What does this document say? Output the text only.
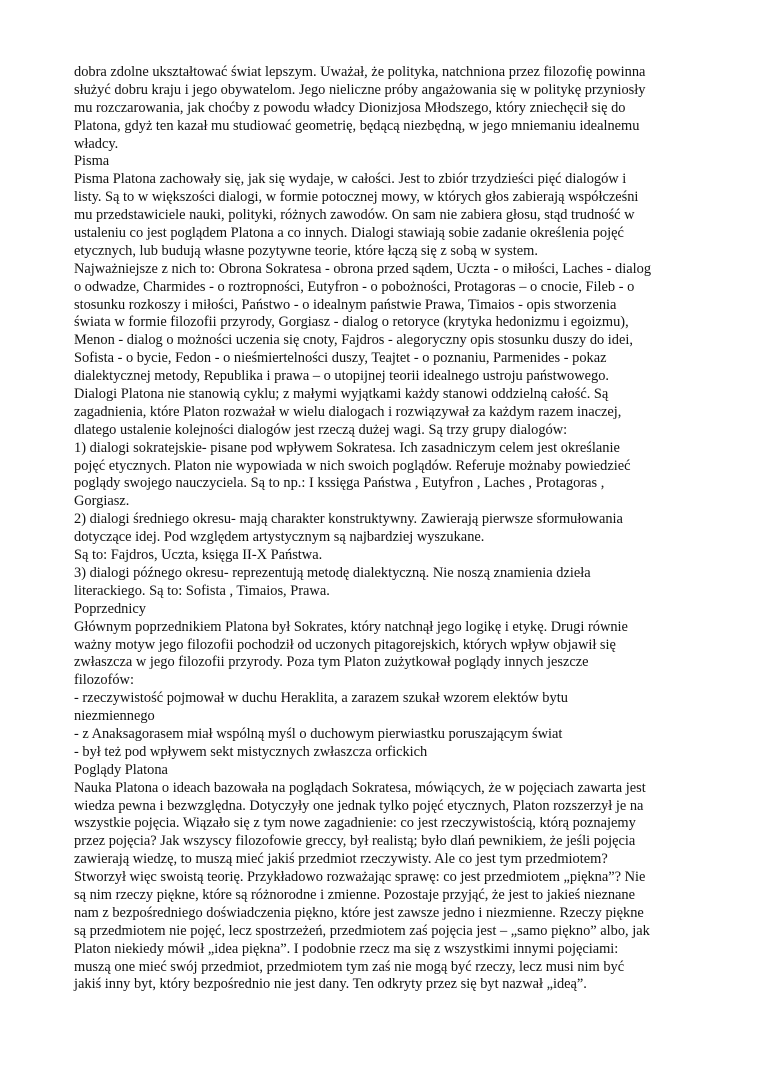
dobra zdolne ukształtować świat lepszym. Uważał, że polityka, natchniona przez filozofię powinna
służyć dobru kraju i jego obywatelom. Jego nieliczne próby angażowania się w politykę przyniosły
mu rozczarowania, jak choćby z powodu władcy Dionizjosa Młodszego, który zniechęcił się do
Platona, gdyż ten kazał mu studiować geometrię, będącą niezbędną, w jego mniemaniu idealnemu
władcy.
Pisma
Pisma Platona zachowały się, jak się wydaje, w całości. Jest to zbiór trzydzieści pięć dialogów i
listy. Są to w większości dialogi, w formie potocznej mowy, w których głos zabierają współcześni
mu przedstawiciele nauki, polityki, różnych zawodów. On sam nie zabiera głosu, stąd trudność w
ustaleniu co jest poglądem Platona a co innych. Dialogi stawiają sobie zadanie określenia pojęć
etycznych, lub budują własne pozytywne teorie, które łączą się z sobą w system.
Najważniejsze z nich to: Obrona Sokratesa - obrona przed sądem, Uczta - o miłości, Laches - dialog
o odwadze, Charmides - o roztropności, Eutyfron - o pobożności, Protagoras – o cnocie, Fileb - o
stosunku rozkoszy i miłości, Państwo - o idealnym państwie Prawa, Timaios - opis stworzenia
świata w formie filozofii przyrody, Gorgiasz - dialog o retoryce (krytyka hedonizmu i egoizmu),
Menon - dialog o możności uczenia się cnoty, Fajdros - alegoryczny opis stosunku duszy do idei,
Sofista - o bycie, Fedon - o nieśmiertelności duszy, Teajtet - o poznaniu, Parmenides - pokaz
dialektycznej metody, Republika i prawa – o utopijnej teorii idealnego ustroju państwowego.
Dialogi Platona nie stanowią cyklu; z małymi wyjątkami każdy stanowi oddzielną całość. Są
zagadnienia, które Platon rozważał w wielu dialogach i rozwiązywał za każdym razem inaczej,
dlatego ustalenie kolejności dialogów jest rzeczą dużej wagi. Są trzy grupy dialogów:
1) dialogi sokratejskie- pisane pod wpływem Sokratesa. Ich zasadniczym celem jest określanie
pojęć etycznych. Platon nie wypowiada w nich swoich poglądów. Referuje możnaby powiedzieć
poglądy swojego nauczyciela. Są to np.: I kssięga Państwa , Eutyfron , Laches , Protagoras ,
Gorgiasz.
2) dialogi średniego okresu- mają charakter konstruktywny. Zawierają pierwsze sformułowania
dotyczące idej. Pod względem artystycznym są najbardziej wyszukane.
Są to: Fajdros, Uczta, księga II-X Państwa.
3) dialogi późnego okresu- reprezentują metodę dialektyczną. Nie noszą znamienia dzieła
literackiego. Są to: Sofista , Timaios, Prawa.
Poprzednicy
Głównym poprzednikiem Platona był Sokrates, który natchnął jego logikę i etykę. Drugi równie
ważny motyw jego filozofii pochodził od uczonych pitagorejskich, których wpływ objawił się
zwłaszcza w jego filozofii przyrody. Poza tym Platon zużytkował poglądy innych jeszcze
filozofów:
- rzeczywistość pojmował w duchu Heraklita, a zarazem szukał wzorem elektów bytu
niezmiennego
- z Anaksagorasem miał wspólną myśl o duchowym pierwiastku poruszającym świat
- był też pod wpływem sekt mistycznych zwłaszcza orfickich
Poglądy Platona
Nauka Platona o ideach bazowała na poglądach Sokratesa, mówiących, że w pojęciach zawarta jest
wiedza pewna i bezwzględna. Dotyczyły one jednak tylko pojęć etycznych, Platon rozszerzył je na
wszystkie pojęcia. Wiązało się z tym nowe zagadnienie: co jest rzeczywistością, którą poznajemy
przez pojęcia? Jak wszyscy filozofowie greccy, był realistą; było dlań pewnikiem, że jeśli pojęcia
zawierają wiedzę, to muszą mieć jakiś przedmiot rzeczywisty. Ale co jest tym przedmiotem?
Stworzył więc swoistą teorię. Przykładowo rozważając sprawę: co jest przedmiotem „piękna”? Nie
są nim rzeczy piękne, które są różnorodne i zmienne. Pozostaje przyjąć, że jest to jakieś nieznane
nam z bezpośredniego doświadczenia piękno, które jest zawsze jedno i niezmienne. Rzeczy piękne
są przedmiotem nie pojęć, lecz spostrzeżeń, przedmiotem zaś pojęcia jest – „samo piękno” albo, jak
Platon niekiedy mówił „idea piękna”. I podobnie rzecz ma się z wszystkimi innymi pojęciami:
muszą one mieć swój przedmiot, przedmiotem tym zaś nie mogą być rzeczy, lecz musi nim być
jakiś inny byt, który bezpośrednio nie jest dany. Ten odkryty przez się byt nazwał „ideą”.
